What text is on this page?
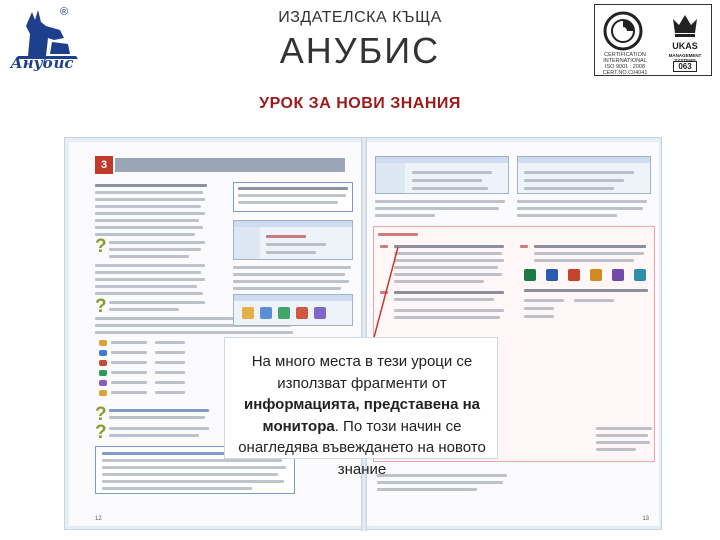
®
Анубис
ИЗДАТЕЛСКА КЪЩА
АНУБИС
УРОК ЗА НОВИ ЗНАНИЯ
CERTIFICATION
INTERNATIONAL
ISO 9001 : 2008
CERT.NO.CI/4041
UKAS
MANAGEMENT SYSTEMS
063
3
?
?
?
?
12	13

На много места в тези уроци се използват фрагменти от информацията, представена на монитора. По този начин се онагледява въвеждането на новото знание
